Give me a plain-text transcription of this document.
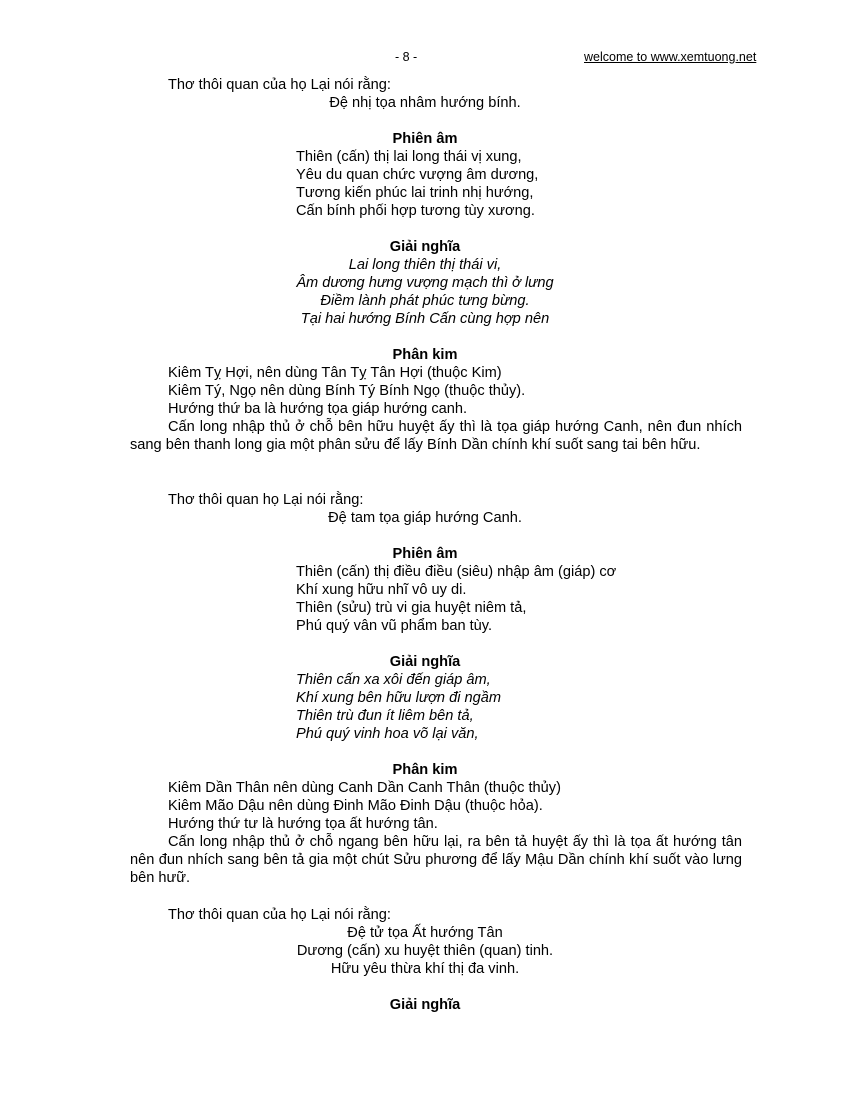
- 8 -	welcome to www.xemtuong.net
Thơ thôi quan của họ Lại nói rằng:
Đệ nhị tọa nhâm hướng bính.
Phiên âm
Thiên (cấn) thị lai long thái vị xung,
Yêu du quan chức vượng âm dương,
Tương kiến phúc lai trinh nhị hướng,
Cấn bính phối hợp tương tùy xương.
Giải nghĩa
Lai long thiên thị thái vi,
Âm dương hưng vượng mạch thì ở lưng
Điềm lành phát phúc tưng bừng.
Tại hai hướng Bính Cấn cùng hợp nên
Phân kim
Kiêm Tỵ Hợi, nên dùng Tân Tỵ Tân Hợi (thuộc Kim)
Kiêm Tý, Ngọ nên dùng Bính Tý Bính Ngọ (thuộc thủy).
Hướng thứ ba là hướng tọa giáp hướng canh.
Cấn long nhập thủ ở chỗ bên hữu huyệt ấy thì là tọa giáp hướng Canh, nên đun nhích sang bên thanh long gia một phân sửu để lấy Bính Dần chính khí suốt sang tai bên hữu.
Thơ thôi quan họ Lại nói rằng:
Đệ tam tọa giáp hướng Canh.
Phiên âm
Thiên (cấn) thị điều điều (siêu) nhập âm (giáp) cơ
Khí xung hữu nhĩ vô uy di.
Thiên (sửu) trù vi gia huyệt niêm tả,
Phú quý vân vũ phẩm ban tùy.
Giải nghĩa
Thiên cấn xa xôi đến giáp âm,
Khí xung bên hữu lượn đi ngầm
Thiên trù đun ít liêm bên tả,
Phú quý vinh hoa võ lại văn,
Phân kim
Kiêm Dần Thân nên dùng Canh Dần Canh Thân (thuộc thủy)
Kiêm Mão Dậu nên dùng Đinh Mão Đinh Dậu (thuộc hỏa).
Hướng thứ tư là hướng tọa ất hướng tân.
Cấn long nhập thủ ở chỗ ngang bên hữu lại, ra bên tả huyệt ấy thì là tọa ất hướng tân nên đun nhích sang bên tả gia một chút Sửu phương để lấy Mậu Dần chính khí suốt vào lưng bên hưữ.
Thơ thôi quan của họ Lại nói rằng:
Đệ tử tọa Ất hướng Tân
Dương (cấn) xu huyệt thiên (quan) tinh.
Hữu yêu thừa khí thị đa vinh.
Giải nghĩa
